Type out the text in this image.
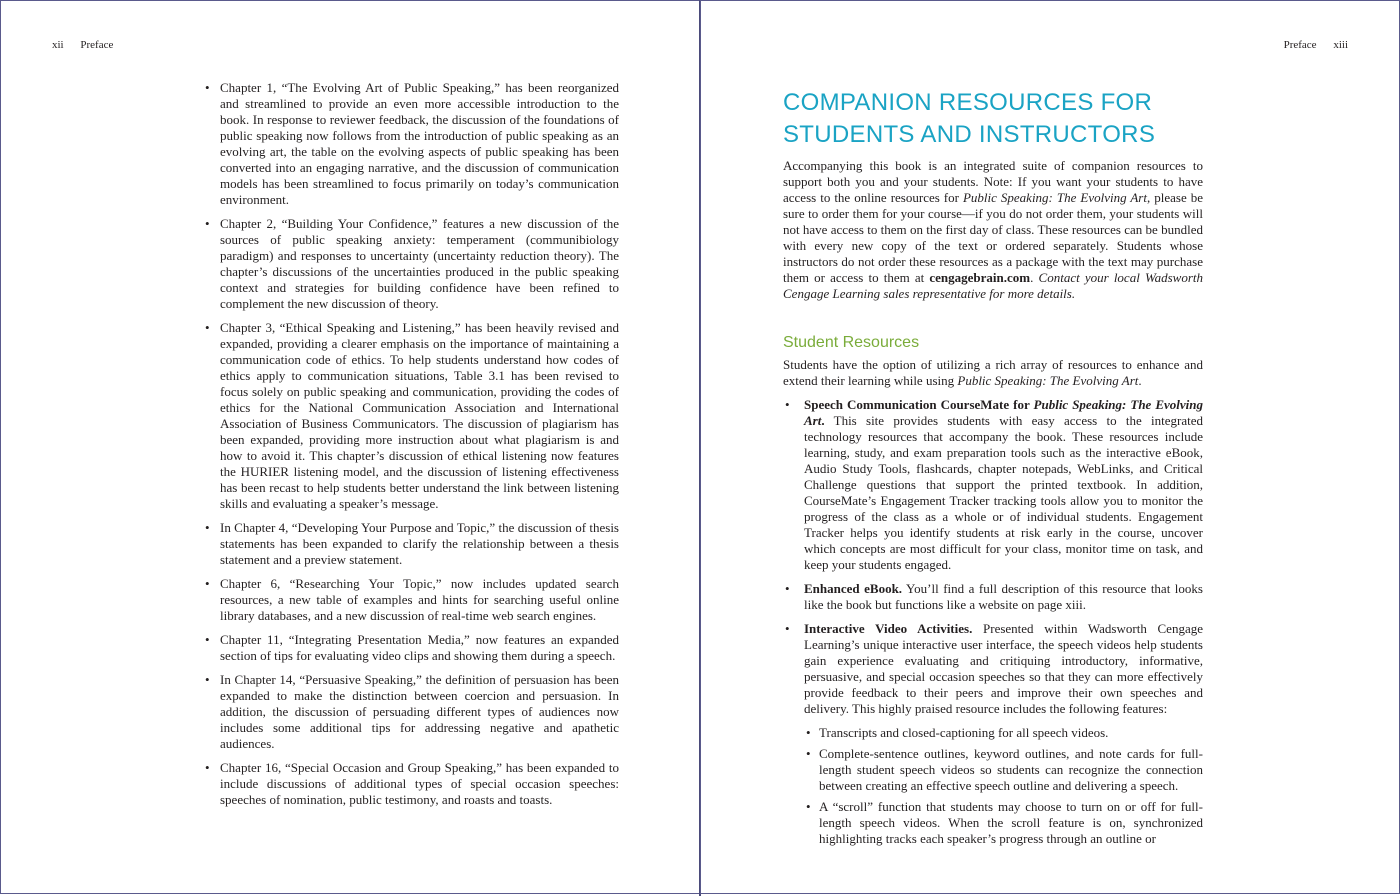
xii Preface
• Chapter 1, “The Evolving Art of Public Speaking,” has been reorganized and streamlined to provide an even more accessible introduction to the book. In response to reviewer feedback, the discussion of the foundations of public speaking now follows from the introduction of public speaking as an evolving art, the table on the evolving aspects of public speaking has been converted into an engaging narrative, and the discussion of communication models has been streamlined to focus primarily on today’s communication environment.
• Chapter 2, “Building Your Confidence,” features a new discussion of the sources of public speaking anxiety: temperament (communibiology paradigm) and responses to uncertainty (uncertainty reduction theory). The chapter’s discussions of the uncertainties produced in the public speaking context and strategies for building confidence have been refined to complement the new discussion of theory.
• Chapter 3, “Ethical Speaking and Listening,” has been heavily revised and expanded, providing a clearer emphasis on the importance of maintaining a communication code of ethics. To help students understand how codes of ethics apply to communication situations, Table 3.1 has been revised to focus solely on public speaking and communication, providing the codes of ethics for the National Communication Association and International Association of Business Communicators. The discussion of plagiarism has been expanded, providing more instruction about what plagiarism is and how to avoid it. This chapter’s discussion of ethical listening now features the HURIER listening model, and the discussion of listening effectiveness has been recast to help students better understand the link between listening skills and evaluating a speaker’s message.
• In Chapter 4, “Developing Your Purpose and Topic,” the discussion of thesis statements has been expanded to clarify the relationship between a thesis statement and a preview statement.
• Chapter 6, “Researching Your Topic,” now includes updated search resources, a new table of examples and hints for searching useful online library databases, and a new discussion of real-time web search engines.
• Chapter 11, “Integrating Presentation Media,” now features an expanded section of tips for evaluating video clips and showing them during a speech.
• In Chapter 14, “Persuasive Speaking,” the definition of persuasion has been expanded to make the distinction between coercion and persuasion. In addition, the discussion of persuading different types of audiences now includes some additional tips for addressing negative and apathetic audiences.
• Chapter 16, “Special Occasion and Group Speaking,” has been expanded to include discussions of additional types of special occasion speeches: speeches of nomination, public testimony, and roasts and toasts.
Preface xiii
COMPANION RESOURCES FOR
STUDENTS AND INSTRUCTORS

Accompanying this book is an integrated suite of companion resources to support both you and your students. Note: If you want your students to have access to the online resources for Public Speaking: The Evolving Art, please be sure to order them for your course—if you do not order them, your students will not have access to them on the first day of class. These resources can be bundled with every new copy of the text or ordered separately. Students whose instructors do not order these resources as a package with the text may purchase them or access to them at cengagebrain.com. Contact your local Wadsworth Cengage Learning sales representative for more details.

Student Resources

Students have the option of utilizing a rich array of resources to enhance and extend their learning while using Public Speaking: The Evolving Art.

• Speech Communication CourseMate for Public Speaking: The Evolving Art. This site provides students with easy access to the integrated technology resources that accompany the book. These resources include learning, study, and exam preparation tools such as the interactive eBook, Audio Study Tools, flashcards, chapter notepads, WebLinks, and Critical Challenge questions that support the printed textbook. In addition, CourseMate’s Engagement Tracker tracking tools allow you to monitor the progress of the class as a whole or of individual students. Engagement Tracker helps you identify students at risk early in the course, uncover which concepts are most difficult for your class, monitor time on task, and keep your students engaged.
• Enhanced eBook. You’ll find a full description of this resource that looks like the book but functions like a website on page xiii.
• Interactive Video Activities. Presented within Wadsworth Cengage Learning’s unique interactive user interface, the speech videos help students gain experience evaluating and critiquing introductory, informative, persuasive, and special occasion speeches so that they can more effectively provide feedback to their peers and improve their own speeches and delivery. This highly praised resource includes the following features:
• Transcripts and closed-captioning for all speech videos.
• Complete-sentence outlines, keyword outlines, and note cards for full-length student speech videos so students can recognize the connection between creating an effective speech outline and delivering a speech.
• A “scroll” function that students may choose to turn on or off for full-length speech videos. When the scroll feature is on, synchronized highlighting tracks each speaker’s progress through an outline or
